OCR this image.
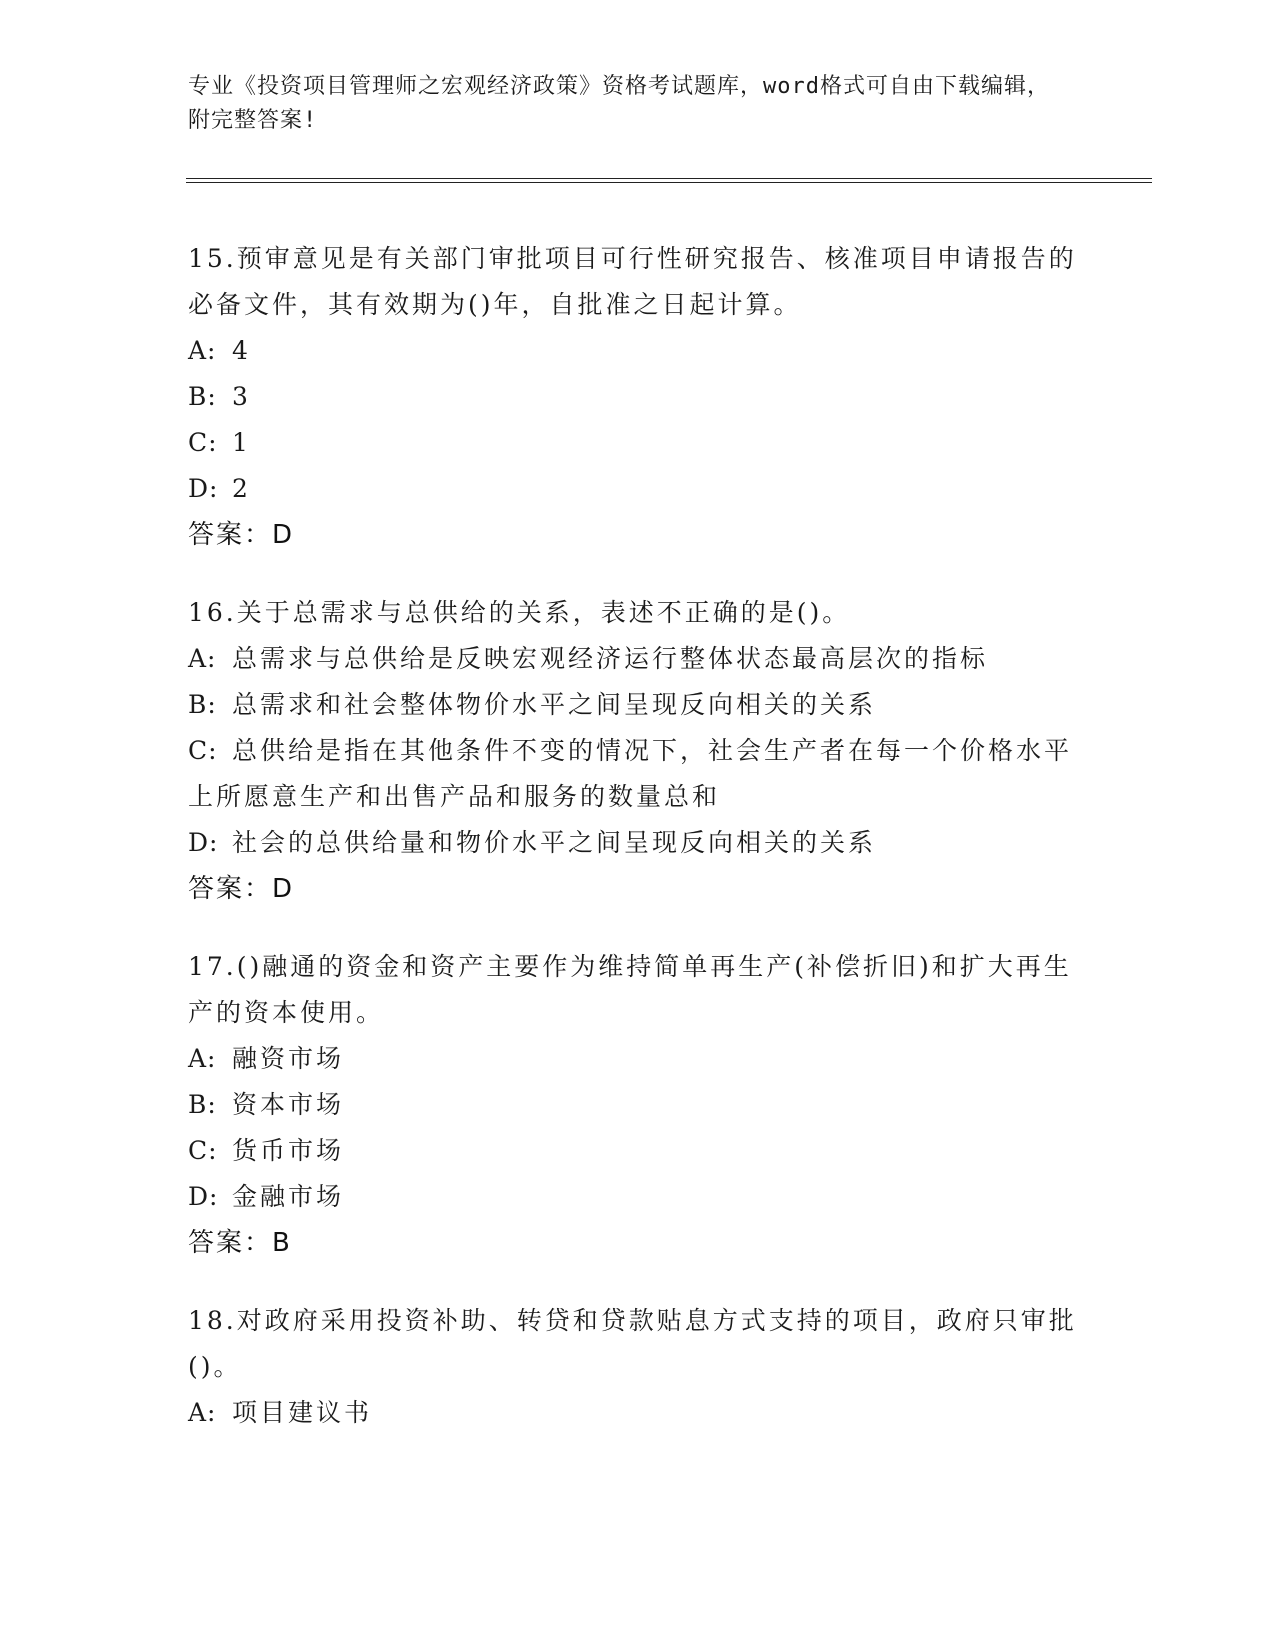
专业《投资项目管理师之宏观经济政策》资格考试题库，word格式可自由下载编辑，附完整答案!
15.预审意见是有关部门审批项目可行性研究报告、核准项目申请报告的必备文件，其有效期为()年，自批准之日起计算。
A: 4
B: 3
C: 1
D: 2
答案：D
16.关于总需求与总供给的关系，表述不正确的是()。
A: 总需求与总供给是反映宏观经济运行整体状态最高层次的指标
B: 总需求和社会整体物价水平之间呈现反向相关的关系
C: 总供给是指在其他条件不变的情况下，社会生产者在每一个价格水平上所愿意生产和出售产品和服务的数量总和
D: 社会的总供给量和物价水平之间呈现反向相关的关系
答案：D
17.()融通的资金和资产主要作为维持简单再生产(补偿折旧)和扩大再生产的资本使用。
A: 融资市场
B: 资本市场
C: 货币市场
D: 金融市场
答案：B
18.对政府采用投资补助、转贷和贷款贴息方式支持的项目，政府只审批()。
A: 项目建议书
